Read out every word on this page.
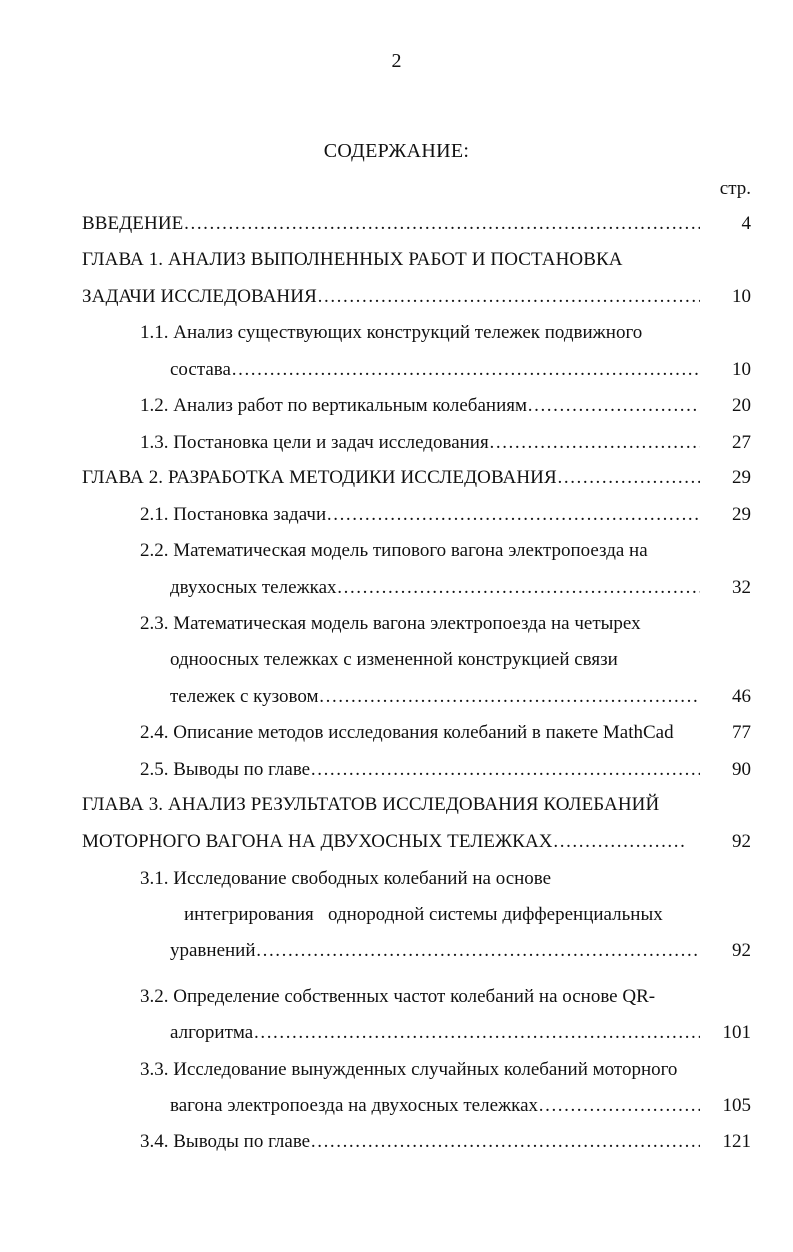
2
СОДЕРЖАНИЕ:
стр.
ВВЕДЕНИЕ ……………………………………………………………………………………………………………………………………………………………………………………	4
ГЛАВА 1. АНАЛИЗ ВЫПОЛНЕННЫХ РАБОТ И ПОСТАНОВКА
ЗАДАЧИ ИССЛЕДОВАНИЯ ……………………………………………………………………………………………………………………………………………………………………………………	10
1.1. Анализ существующих конструкций тележек подвижного
состава ……………………………………………………………………………………………………………………………………………………………………………………	10
1.2. Анализ работ по вертикальным колебаниям ……………………………………………………………………………………………………………………………………………………………………………………	20
1.3. Постановка цели и задач исследования ……………………………………………………………………………………………………………………………………………………………………………………	27
ГЛАВА 2. РАЗРАБОТКА МЕТОДИКИ ИССЛЕДОВАНИЯ ……………………………………………………………………………………………………………………………………………………………………………………	29
2.1. Постановка задачи ……………………………………………………………………………………………………………………………………………………………………………………	29
2.2. Математическая модель типового вагона электропоезда на
двухосных тележках ……………………………………………………………………………………………………………………………………………………………………………………	32
2.3. Математическая модель вагона электропоезда на четырех
одноосных тележках с измененной конструкцией связи
тележек с кузовом ……………………………………………………………………………………………………………………………………………………………………………………	46
2.4. Описание методов исследования колебаний в пакете MathCad	77
2.5. Выводы по главе ……………………………………………………………………………………………………………………………………………………………………………………	90
ГЛАВА 3. АНАЛИЗ РЕЗУЛЬТАТОВ ИССЛЕДОВАНИЯ КОЛЕБАНИЙ
МОТОРНОГО ВАГОНА НА ДВУХОСНЫХ ТЕЛЕЖКАХ ……………………………………………………………………………………………………………………………………………………………………………………	92
3.1. Исследование свободных колебаний на основе
интегрирования   однородной системы дифференциальных
уравнений ……………………………………………………………………………………………………………………………………………………………………………………	92
3.2. Определение собственных частот колебаний на основе QR-
алгоритма ……………………………………………………………………………………………………………………………………………………………………………………	101
3.3. Исследование вынужденных случайных колебаний моторного
вагона электропоезда на двухосных тележках ……………………………………………………………………………………………………………………………………………………………………………………	105
3.4. Выводы по главе ……………………………………………………………………………………………………………………………………………………………………………………	121
